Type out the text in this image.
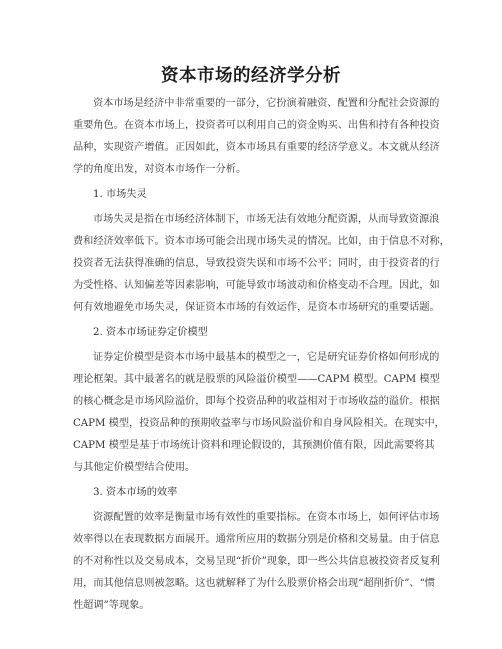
资本市场的经济学分析

资本市场是经济中非常重要的一部分，它扮演着融资、配置和分配社会资源的

重要角色。在资本市场上，投资者可以利用自己的资金购买、出售和持有各种投资

品种，实现资产增值。正因如此，资本市场具有重要的经济学意义。本文就从经济

学的角度出发，对资本市场作一分析。

1. 市场失灵

市场失灵是指在市场经济体制下，市场无法有效地分配资源，从而导致资源浪

费和经济效率低下。资本市场可能会出现市场失灵的情况。比如，由于信息不对称，

投资者无法获得准确的信息，导致投资失误和市场不公平；同时，由于投资者的行

为受性格、认知偏差等因素影响，可能导致市场波动和价格变动不合理。因此，如

何有效地避免市场失灵，保证资本市场的有效运作，是资本市场研究的重要话题。

2. 资本市场证券定价模型

证券定价模型是资本市场中最基本的模型之一，它是研究证券价格如何形成的

理论框架。其中最著名的就是股票的风险溢价模型——CAPM 模型。CAPM 模型

的核心概念是市场风险溢价，即每个投资品种的收益相对于市场收益的溢价。根据

CAPM 模型，投资品种的预期收益率与市场风险溢价和自身风险相关。在现实中，

CAPM 模型是基于市场统计资料和理论假设的，其预测价值有限，因此需要将其

与其他定价模型结合使用。

3. 资本市场的效率

资源配置的效率是衡量市场有效性的重要指标。在资本市场上，如何评估市场

效率得以在表现数据方面展开。通常所应用的数据分别是价格和交易量。由于信息

的不对称性以及交易成本，交易呈现“折价”现象，即一些公共信息被投资者反复利

用，而其他信息则被忽略。这也就解释了为什么股票价格会出现“超削折价”、“惯

性超调”等现象。
